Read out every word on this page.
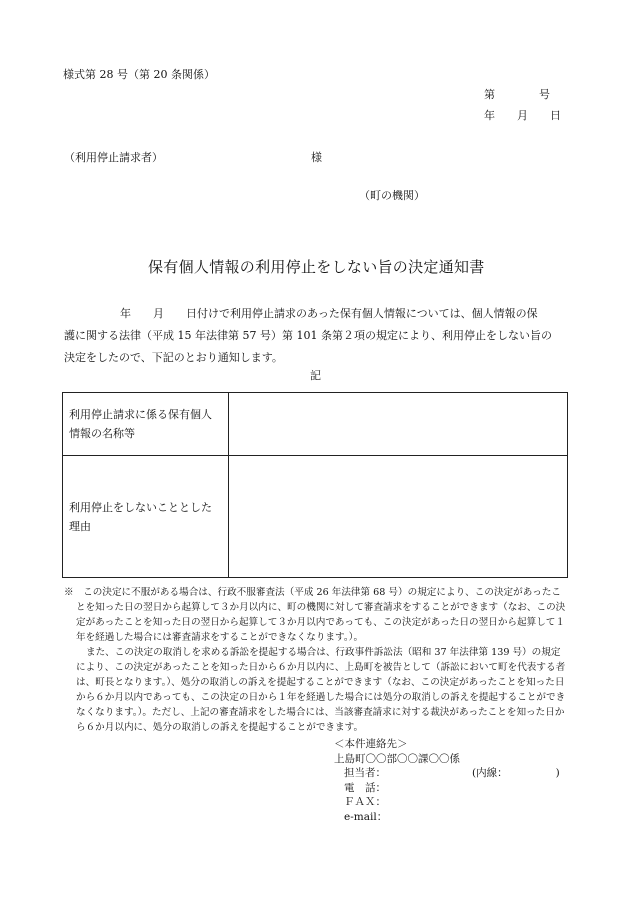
様式第 28 号（第 20 条関係）
第　　　　号
年　　月　　日
（利用停止請求者）	様
（町の機関）
保有個人情報の利用停止をしない旨の決定通知書

年　　月　　日付けで利用停止請求のあった保有個人情報については、個人情報の保

護に関する法律（平成 15 年法律第 57 号）第 101 条第２項の規定により、利用停止をしない旨の

決定をしたので、下記のとおり通知します。

記
利用停止請求に係る保有個人
情報の名称等	

利用停止をしないこととした
理由	

※　この決定に不服がある場合は、行政不服審査法（平成 26 年法律第 68 号）の規定により、この決定があったことを知った日の翌日から起算して３か月以内に、町の機関に対して審査請求をすることができます（なお、この決定があったことを知った日の翌日から起算して３か月以内であっても、この決定があった日の翌日から起算して１年を経過した場合には審査請求をすることができなくなります。）。

また、この決定の取消しを求める訴訟を提起する場合は、行政事件訴訟法（昭和 37 年法律第 139 号）の規定により、この決定があったことを知った日から６か月以内に、上島町を被告として（訴訟において町を代表する者は、町長となります。）、処分の取消しの訴えを提起することができます（なお、この決定があったことを知った日から６か月以内であっても、この決定の日から１年を経過した場合には処分の取消しの訴えを提起することができなくなります。）。ただし、上記の審査請求をした場合には、当該審査請求に対する裁決があったことを知った日から６か月以内に、処分の取消しの訴えを提起することができます。

＜本件連絡先＞
上島町〇〇部〇〇課〇〇係
担当者：	(内線：	)
電　話：
ＦＡＸ：
e-mail：
